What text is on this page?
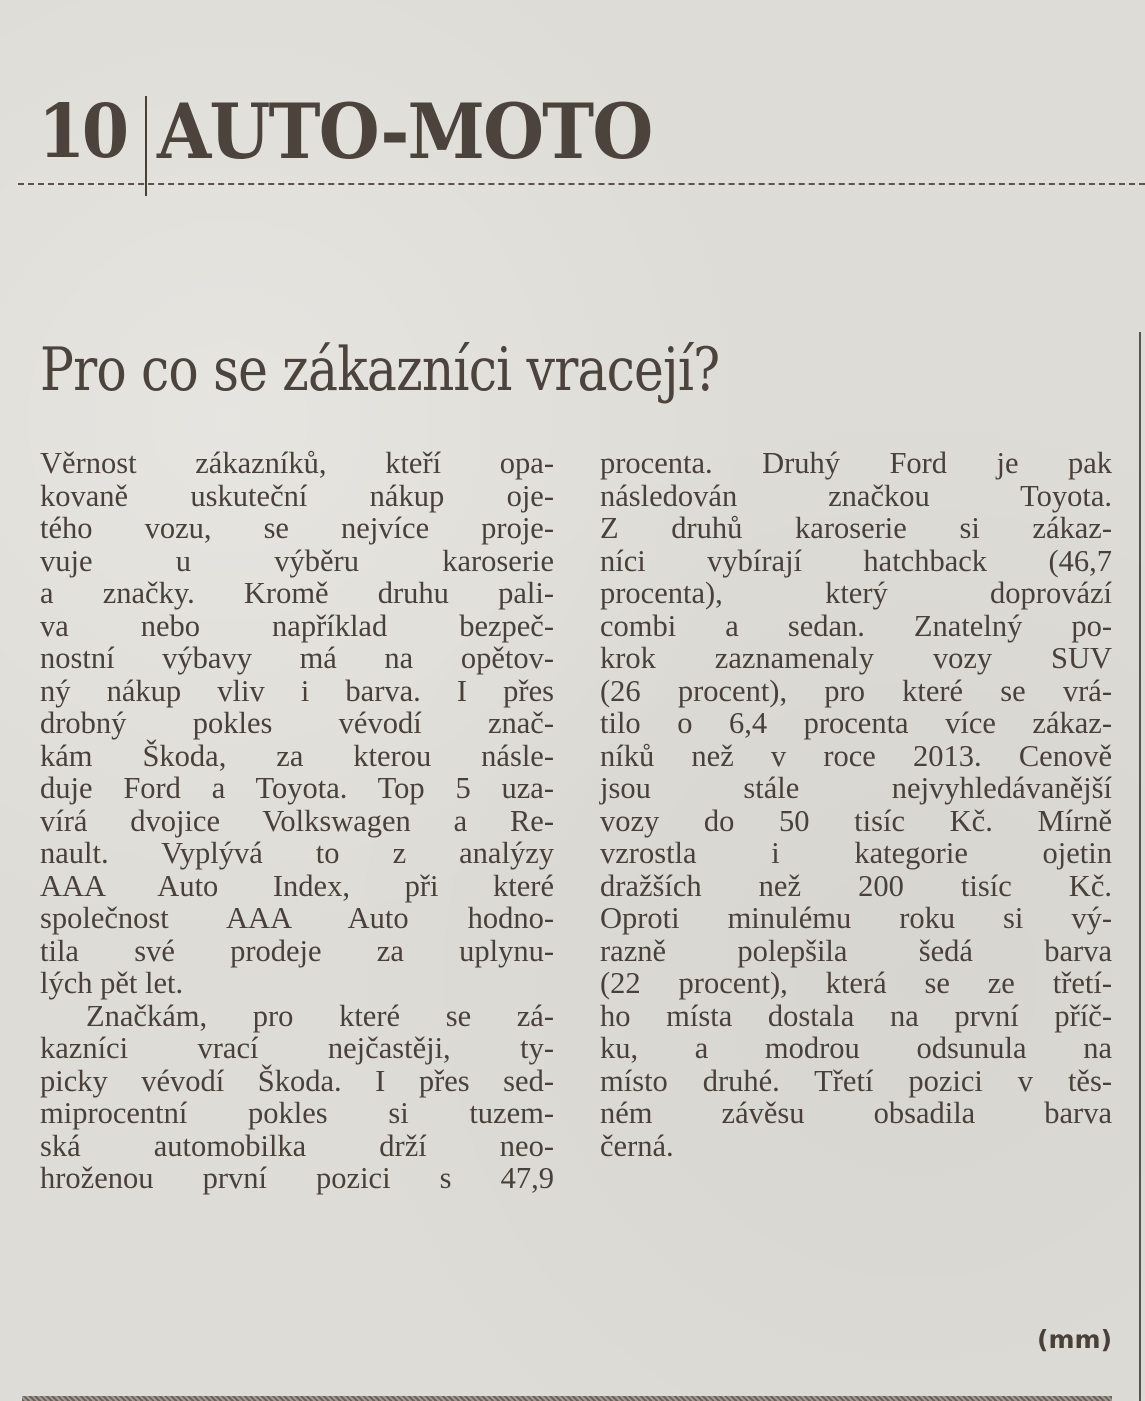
10 AUTO-MOTO
Pro co se zákazníci vracejí?
Věrnost zákazníků, kteří opa-
kovaně uskuteční nákup oje-
tého vozu, se nejvíce proje-
vuje u výběru karoserie
a značky. Kromě druhu pali-
va nebo například bezpeč-
nostní výbavy má na opětov-
ný nákup vliv i barva. I přes
drobný pokles vévodí znač-
kám Škoda, za kterou násle-
duje Ford a Toyota. Top 5 uza-
vírá dvojice Volkswagen a Re-
nault. Vyplývá to z analýzy
AAA Auto Index, při které
společnost AAA Auto hodno-
tila své prodeje za uplynu-
lých pět let.
Značkám, pro které se zá-
kazníci vrací nejčastěji, ty-
picky vévodí Škoda. I přes sed-
miprocentní pokles si tuzem-
ská automobilka drží neo-
hroženou první pozici s 47,9
procenta. Druhý Ford je pak
následován značkou Toyota.
Z druhů karoserie si zákaz-
níci vybírají hatchback (46,7
procenta), který doprovází
combi a sedan. Znatelný po-
krok zaznamenaly vozy SUV
(26 procent), pro které se vrá-
tilo o 6,4 procenta více zákaz-
níků než v roce 2013. Cenově
jsou stále nejvyhledávanější
vozy do 50 tisíc Kč. Mírně
vzrostla i kategorie ojetin
dražších než 200 tisíc Kč.
Oproti minulému roku si vý-
razně polepšila šedá barva
(22 procent), která se ze třetí-
ho místa dostala na první příč-
ku, a modrou odsunula na
místo druhé. Třetí pozici v těs-
ném závěsu obsadila barva
černá.
(mm)
